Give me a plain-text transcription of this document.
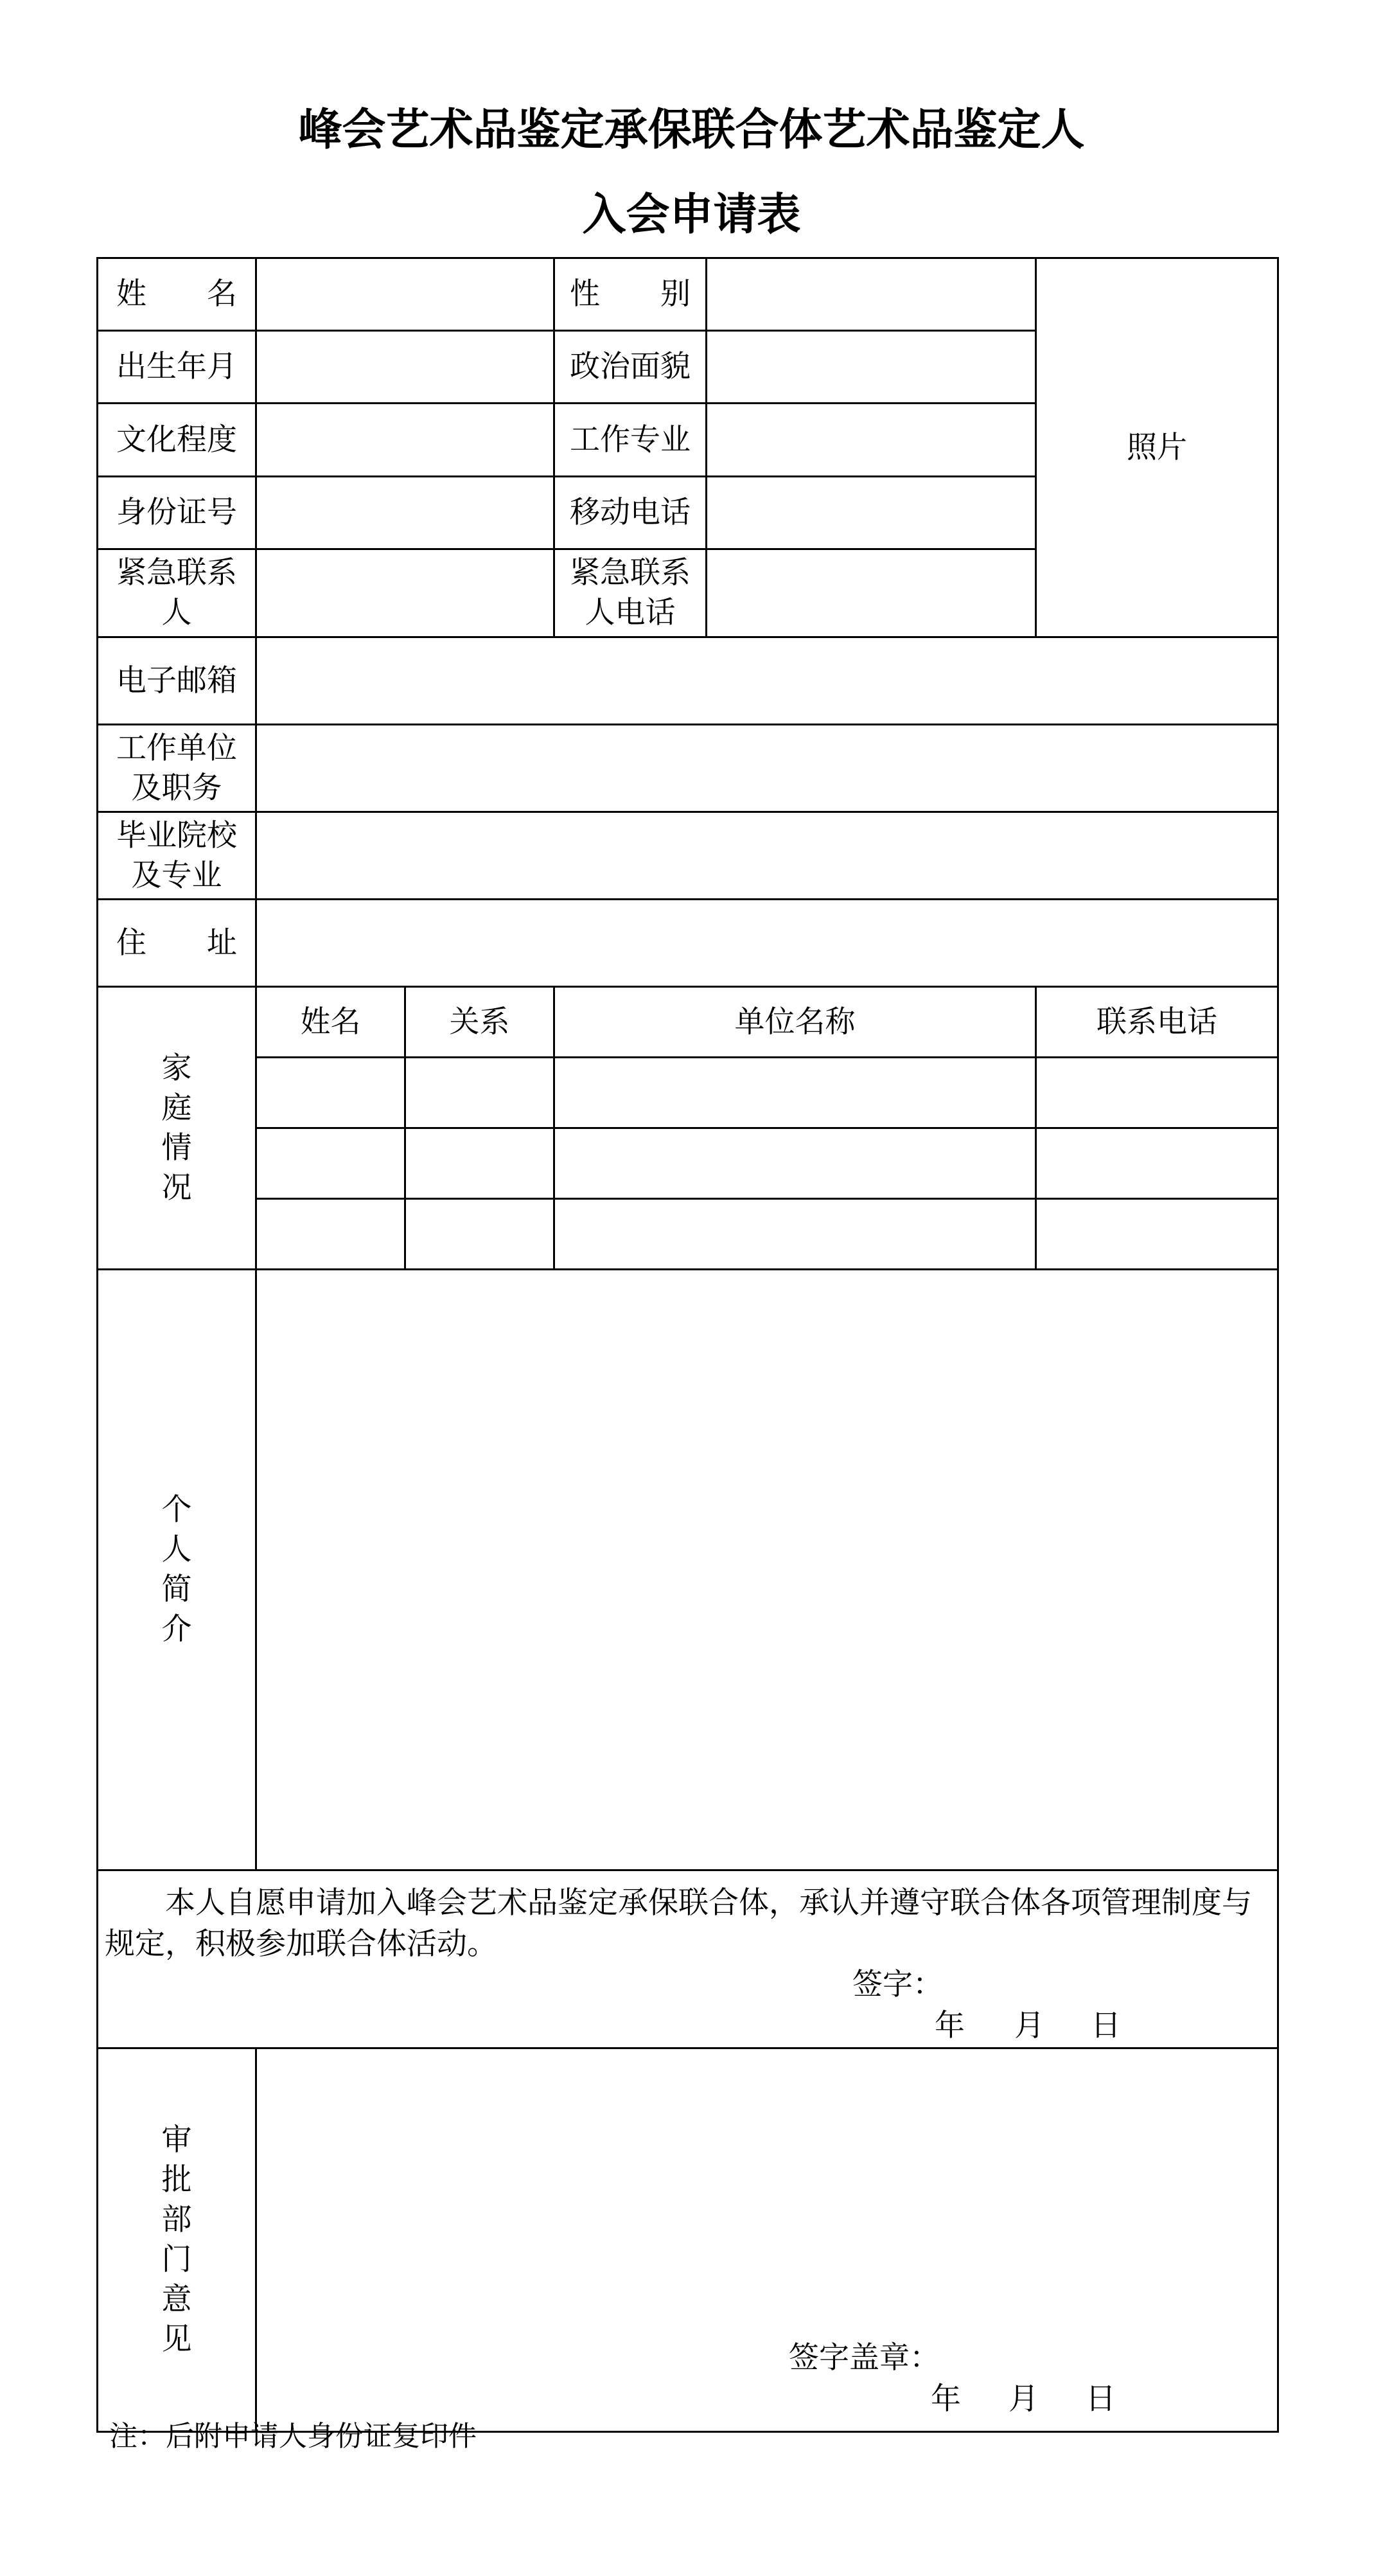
峰会艺术品鉴定承保联合体艺术品鉴定人
入会申请表
姓　　名			性　　别		照片
出生年月			政治面貌		
文化程度			工作专业		
身份证号			移动电话		

紧急联系人			紧急联系人电话		

电子邮箱					

工作单位及职务					

毕业院校及专业					

住　　址					
家庭情况	姓名	关系	单位名称		联系电话

个人简介					

本人自愿申请加入峰会艺术品鉴定承保联合体，承认并遵守联合体各项管理制度与规定，积极参加联合体活动。
签字：
年 月 日					

审批部门意见	签字盖章：
年 月 日				
注：后附申请人身份证复印件
